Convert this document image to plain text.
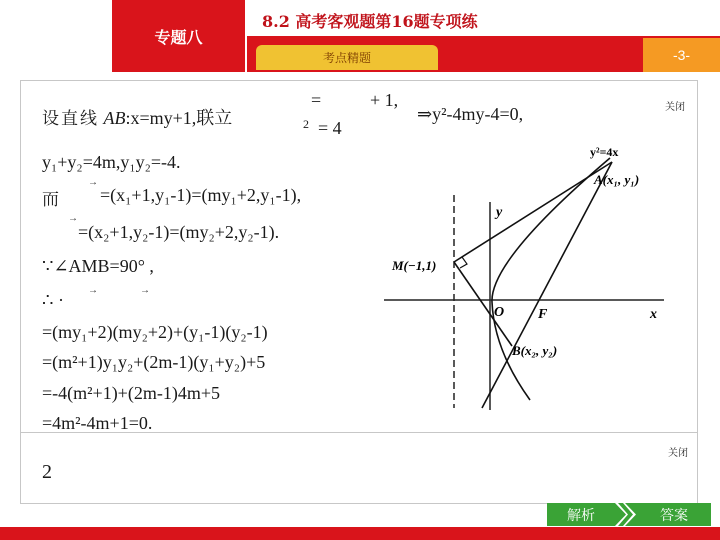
专题八
8.2 高考客观题第16题专项练
考点精题	-3-
关闭
关闭
设直线 AB:x=my+1,联立
=	+ 1,
2 = 4
⇒y²-4my-4=0,
y₁+y₂=4m,y₁y₂=-4.
→
而 =(x₁+1,y₁-1)=(my₁+2,y₁-1),
→
=(x₂+1,y₂-1)=(my₂+2,y₂-1).
∵∠AMB=90° ,
→	→
∴ ·
=(my₁+2)(my₂+2)+(y₁-1)(y₂-1)
=(m²+1)y₁y₂+(2m-1)(y₁+y₂)+5
=-4(m²+1)+(2m-1)4m+5
=4m²-4m+1=0.
y²=4x
A(x₁, y₁)
M(−1,1)
O F	x
y
B(x₂, y₂)
2
答案
解析
